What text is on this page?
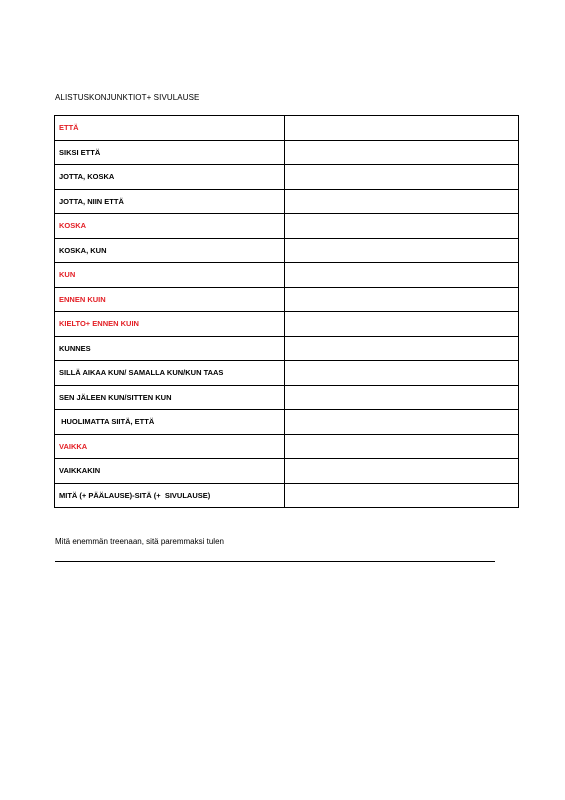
ALISTUSKONJUNKTIOT+ SIVULAUSE
ETTÄ	
SIKSI ETTÄ	
JOTTA, KOSKA	
JOTTA, NIIN ETTÄ	
KOSKA	
KOSKA, KUN	
KUN	
ENNEN KUIN	
KIELTO+ ENNEN KUIN	
KUNNES	
SILLÄ AIKAA KUN/ SAMALLA KUN/KUN TAAS	
SEN JÄLEEN KUN/SITTEN KUN	
HUOLIMATTA SIITÄ, ETTÄ	
VAIKKA	
VAIKKAKIN	
MITÄ (+ PÄÄLAUSE)-SITÄ (+  SIVULAUSE)	
Mitä enemmän treenaan, sitä paremmaksi tulen
